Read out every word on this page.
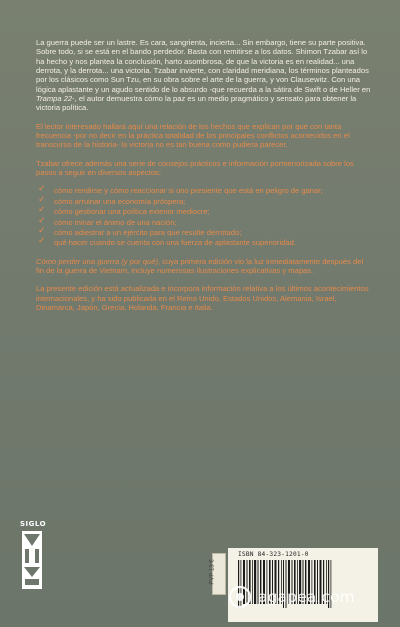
La guerra puede ser un lastre. Es cara, sangrienta, incierta... Sin embargo, tiene su parte positiva. Sobre todo, si se está en el bando perdedor. Basta con remitirse a los datos. Shimon Tzabar así lo ha hecho y nos plantea la conclusión, harto asombrosa, de que la victoria es en realidad... una derrota, y la derrota... una victoria. Tzabar invierte, con claridad meridiana, los términos planteados por los clásicos como Sun Tzu, en su obra sobre el arte de la guerra, y von Clausewitz. Con una lógica aplastante y un agudo sentido de lo absurdo -que recuerda a la sátira de Swift o de Heller en Trampa 22-, el autor demuestra cómo la paz es un medio pragmático y sensato para obtener la victoria política.

El lector interesado hallará aquí una relación de los hechos que explican por qué con tanta frecuencia -por no decir en la práctica totalidad de los principales conflictos acontecidos en el transcurso de la historia- la victoria no es tan buena como pudiera parecer.

Tzabar ofrece además una serie de consejos prácticos e información pormenorizada sobre los pasos a seguir en diversos aspectos:

✓ cómo rendirse y cómo reaccionar si uno presiente que está en peligro de ganar;
✓ cómo arruinar una economía próspera;
✓ cómo gestionar una política exterior mediocre;
✓ cómo minar el ánimo de una nación;
✓ cómo adiestrar a un ejército para que resulte derrotado;
✓ qué hacer cuando se cuenta con una fuerza de aplastante superioridad.

Cómo perder una guerra (y por qué), cuya primera edición vio la luz inmediatamente después del fin de la guerra de Vietnam, incluye numerosas ilustraciones explicativas y mapas.

La presente edición está actualizada e incorpora información relativa a los últimos acontecimientos internacionales, y ha sido publicada en el Reino Unido, Estados Unidos, Alemania, Israel, Dinamarca, Japón, Grecia, Holanda, Francia e Italia.

SIGLO
PVP 13 €
ISBN 84-323-1201-0
agapea.com
